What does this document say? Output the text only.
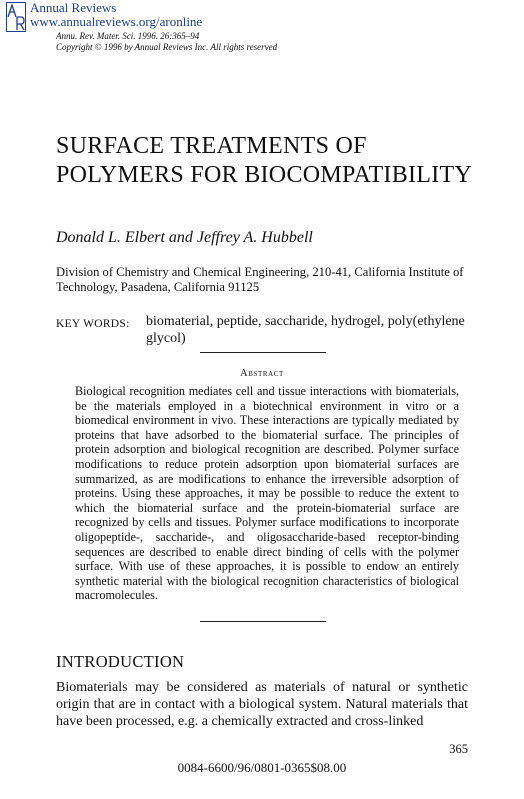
Annual Reviews
www.annualreviews.org/aronline
Annu. Rev. Mater. Sci. 1996. 26:365–94
Copyright © 1996 by Annual Reviews Inc. All rights reserved
SURFACE TREATMENTS OF POLYMERS FOR BIOCOMPATIBILITY
Donald L. Elbert and Jeffrey A. Hubbell
Division of Chemistry and Chemical Engineering, 210-41, California Institute of Technology, Pasadena, California 91125
KEY WORDS: biomaterial, peptide, saccharide, hydrogel, poly(ethylene glycol)
Abstract
Biological recognition mediates cell and tissue interactions with biomaterials, be the materials employed in a biotechnical environment in vitro or a biomedical environment in vivo. These interactions are typically mediated by proteins that have adsorbed to the biomaterial surface. The principles of protein adsorption and biological recognition are described. Polymer surface modifications to reduce protein adsorption upon biomaterial surfaces are summarized, as are modifications to enhance the irreversible adsorption of proteins. Using these approaches, it may be possible to reduce the extent to which the biomaterial surface and the protein-biomaterial surface are recognized by cells and tissues. Polymer surface modifications to incorporate oligopeptide-, saccharide-, and oligosaccharide-based receptor-binding sequences are described to enable direct binding of cells with the polymer surface. With use of these approaches, it is possible to endow an entirely synthetic material with the biological recognition characteristics of biological macromolecules.
INTRODUCTION
Biomaterials may be considered as materials of natural or synthetic origin that are in contact with a biological system. Natural materials that have been processed, e.g. a chemically extracted and cross-linked
365
0084-6600/96/0801-0365$08.00
